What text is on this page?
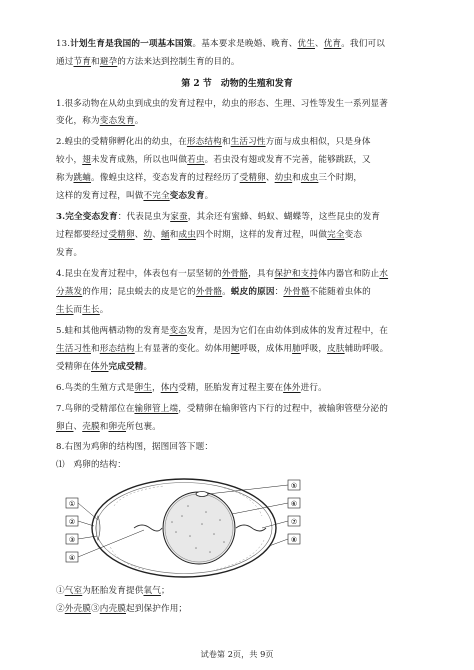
13.计划生育是我国的一项基本国策。基本要求是晚婚、晚育、优生、优育。我们可以
通过节育和避孕的方法来达到控制生育的目的。
第 2 节　动物的生殖和发育
1.很多动物在从幼虫到成虫的发育过程中，幼虫的形态、生理、习性等发生一系列显著
变化，称为变态发育。
2.蝗虫的受精卵孵化出的幼虫，在形态结构和生活习性方面与成虫相似，只是身体
较小，翅未发育成熟，所以也叫做若虫。若虫没有翅或发育不完善，能够跳跃，又
称为跳蝻。像蝗虫这样，变态发育的过程经历了受精卵、幼虫和成虫三个时期，
这样的发育过程，叫做不完全变态发育。
3.完全变态发育：代表昆虫为家蚕，其余还有蜜蜂、蚂蚁、蝴蝶等，这些昆虫的发育
过程都要经过受精卵、幼、蛹和成虫四个时期，这样的发育过程，叫做完全变态
发育。
4.昆虫在发育过程中，体表包有一层坚韧的外骨骼，具有保护和支持体内器官和防止水
分蒸发的作用；昆虫蜕去的皮是它的外骨骼。蜕皮的原因：外骨骼不能随着虫体的
生长而生长。
5.蛙和其他两栖动物的发育是变态发育，是因为它们在由幼体到成体的发育过程中，在
生活习性和形态结构上有显著的变化。幼体用鳃呼吸，成体用肺呼吸，皮肤辅助呼吸。
受精卵在体外完成受精。
6.鸟类的生殖方式是卵生，体内受精，胚胎发育过程主要在体外进行。
7.鸟卵的受精部位在输卵管上端，受精卵在输卵管内下行的过程中，被输卵管壁分泌的
卵白、壳膜和卵壳所包裹。
8.右图为鸡卵的结构图，据图回答下题：
⑴　鸡卵的结构：
①
②
③
④
⑤
⑥
⑦
⑧
①气室为胚胎发育提供氧气；
②外壳膜③内壳膜起到保护作用；
试卷第 2页，共 9页
